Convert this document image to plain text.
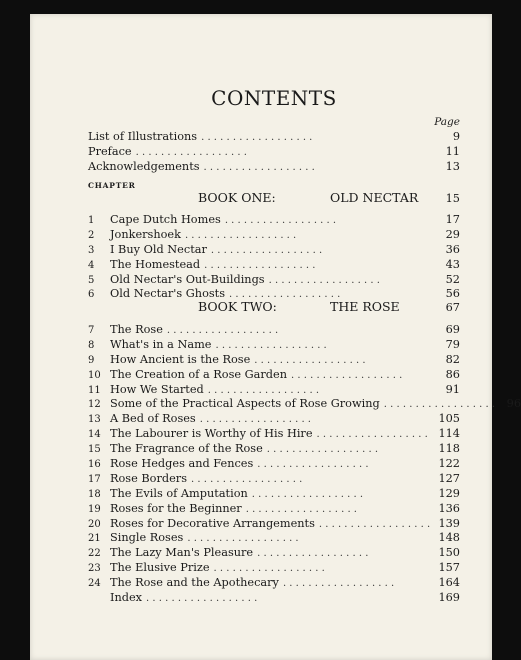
CONTENTS
Page
List of Illustrations . . . . . . . . . . . . . . . . . .	9
Preface . . . . . . . . . . . . . . . . . .	11
Acknowledgements . . . . . . . . . . . . . . . . . .	13
CHAPTER
BOOK ONE:	OLD NECTAR	15
1	Cape Dutch Homes . . . . . . . . . . . . . . . . . .	17
2	Jonkershoek . . . . . . . . . . . . . . . . . .	29
3	I Buy Old Nectar . . . . . . . . . . . . . . . . . .	36
4	The Homestead . . . . . . . . . . . . . . . . . .	43
5	Old Nectar's Out-Buildings . . . . . . . . . . . . . . . . . .	52
6	Old Nectar's Ghosts . . . . . . . . . . . . . . . . . .	56
BOOK TWO:	THE ROSE	67
7	The Rose . . . . . . . . . . . . . . . . . .	69
8	What's in a Name . . . . . . . . . . . . . . . . . .	79
9	How Ancient is the Rose . . . . . . . . . . . . . . . . . .	82
10 The Creation of a Rose Garden . . . . . . . . . . . . . . . . . .	86
11 How We Started . . . . . . . . . . . . . . . . . .	91
12 Some of the Practical Aspects of Rose Growing . . . . . . . . . . . . . . . . . .	96
13 A Bed of Roses . . . . . . . . . . . . . . . . . .	105
14 The Labourer is Worthy of His Hire . . . . . . . . . . . . . . . . . . 114
15 The Fragrance of the Rose . . . . . . . . . . . . . . . . . .	118
16 Rose Hedges and Fences . . . . . . . . . . . . . . . . . .	122
17 Rose Borders . . . . . . . . . . . . . . . . . .	127
18 The Evils of Amputation . . . . . . . . . . . . . . . . . .	129
19 Roses for the Beginner . . . . . . . . . . . . . . . . . .	136
20 Roses for Decorative Arrangements . . . . . . . . . . . . . . . . . . 139
21 Single Roses . . . . . . . . . . . . . . . . . .	148
22 The Lazy Man's Pleasure . . . . . . . . . . . . . . . . . .	150
23 The Elusive Prize . . . . . . . . . . . . . . . . . .	157
24 The Rose and the Apothecary . . . . . . . . . . . . . . . . . .	164
Index . . . . . . . . . . . . . . . . . .	169
